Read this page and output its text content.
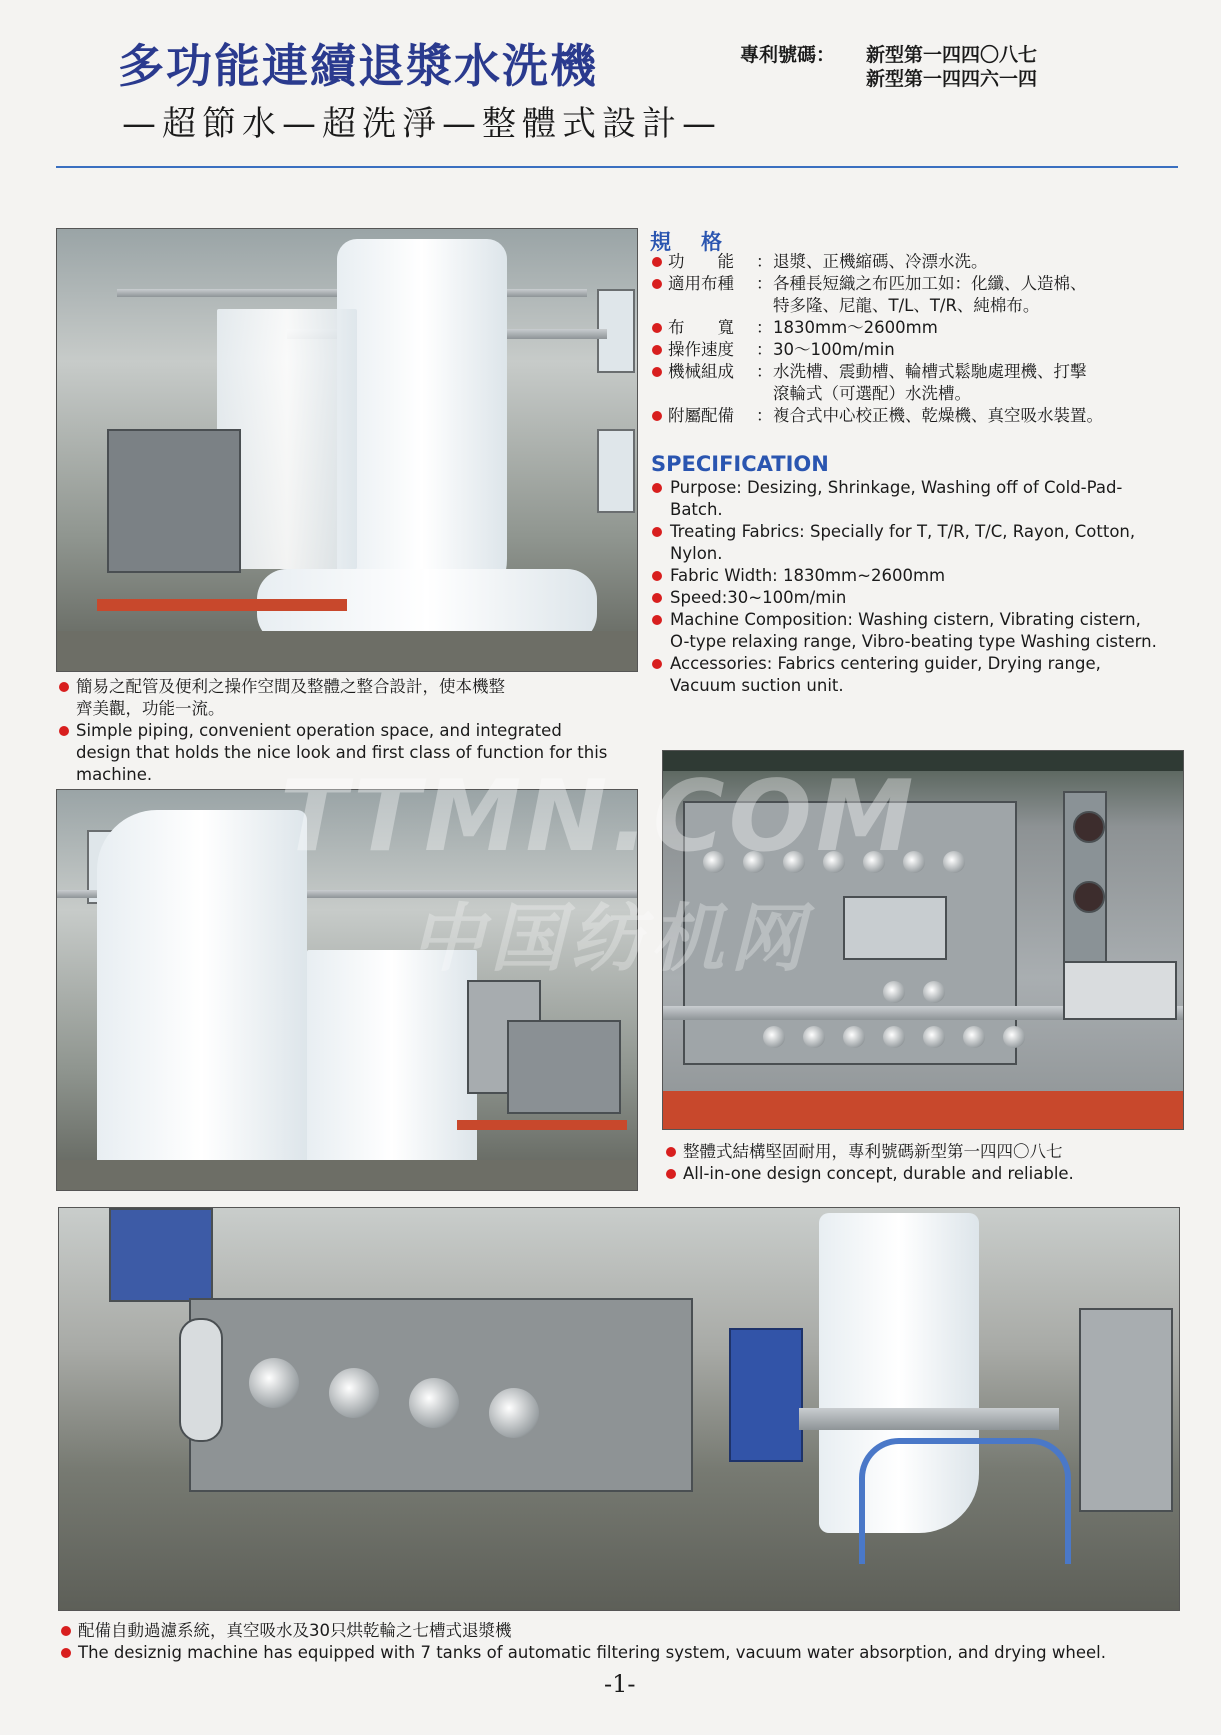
多功能連續退漿水洗機
—超節水—超洗淨—整體式設計—
專利號碼： 新型第一四四〇八七
新型第一四四六一四
規格
功　　能 ： 退漿、正機縮碼、冷漂水洗。
適用布種 ： 各種長短織之布匹加工如：化纖、人造棉、
特多隆、尼龍、T/L、T/R、純棉布。
布　　寬 ： 1830mm～2600mm
操作速度 ： 30～100m/min
機械組成 ： 水洗槽、震動槽、輪槽式鬆馳處理機、打擊
滾輪式（可選配）水洗槽。
附屬配備 ： 複合式中心校正機、乾燥機、真空吸水裝置。
SPECIFICATION
Purpose: Desizing, Shrinkage, Washing off of Cold-Pad-
Batch.
Treating Fabrics: Specially for T, T/R, T/C, Rayon, Cotton,
Nylon.
Fabric Width: 1830mm~2600mm
Speed:30~100m/min
Machine Composition: Washing cistern, Vibrating cistern,
O-type relaxing range, Vibro-beating type Washing cistern.
Accessories: Fabrics centering guider, Drying range,
Vacuum suction unit.
簡易之配管及便利之操作空間及整體之整合設計，使本機整
齊美觀，功能一流。
Simple piping, convenient operation space, and integrated
design that holds the nice look and first class of function for this
machine.
整體式結構堅固耐用，專利號碼新型第一四四〇八七
All-in-one design concept, durable and reliable.
配備自動過濾系統，真空吸水及30只烘乾輪之七槽式退漿機
The desiznig machine has equipped with 7 tanks of automatic filtering system, vacuum water absorption, and drying wheel.
TTMN.COM
中国纺机网
-1-
